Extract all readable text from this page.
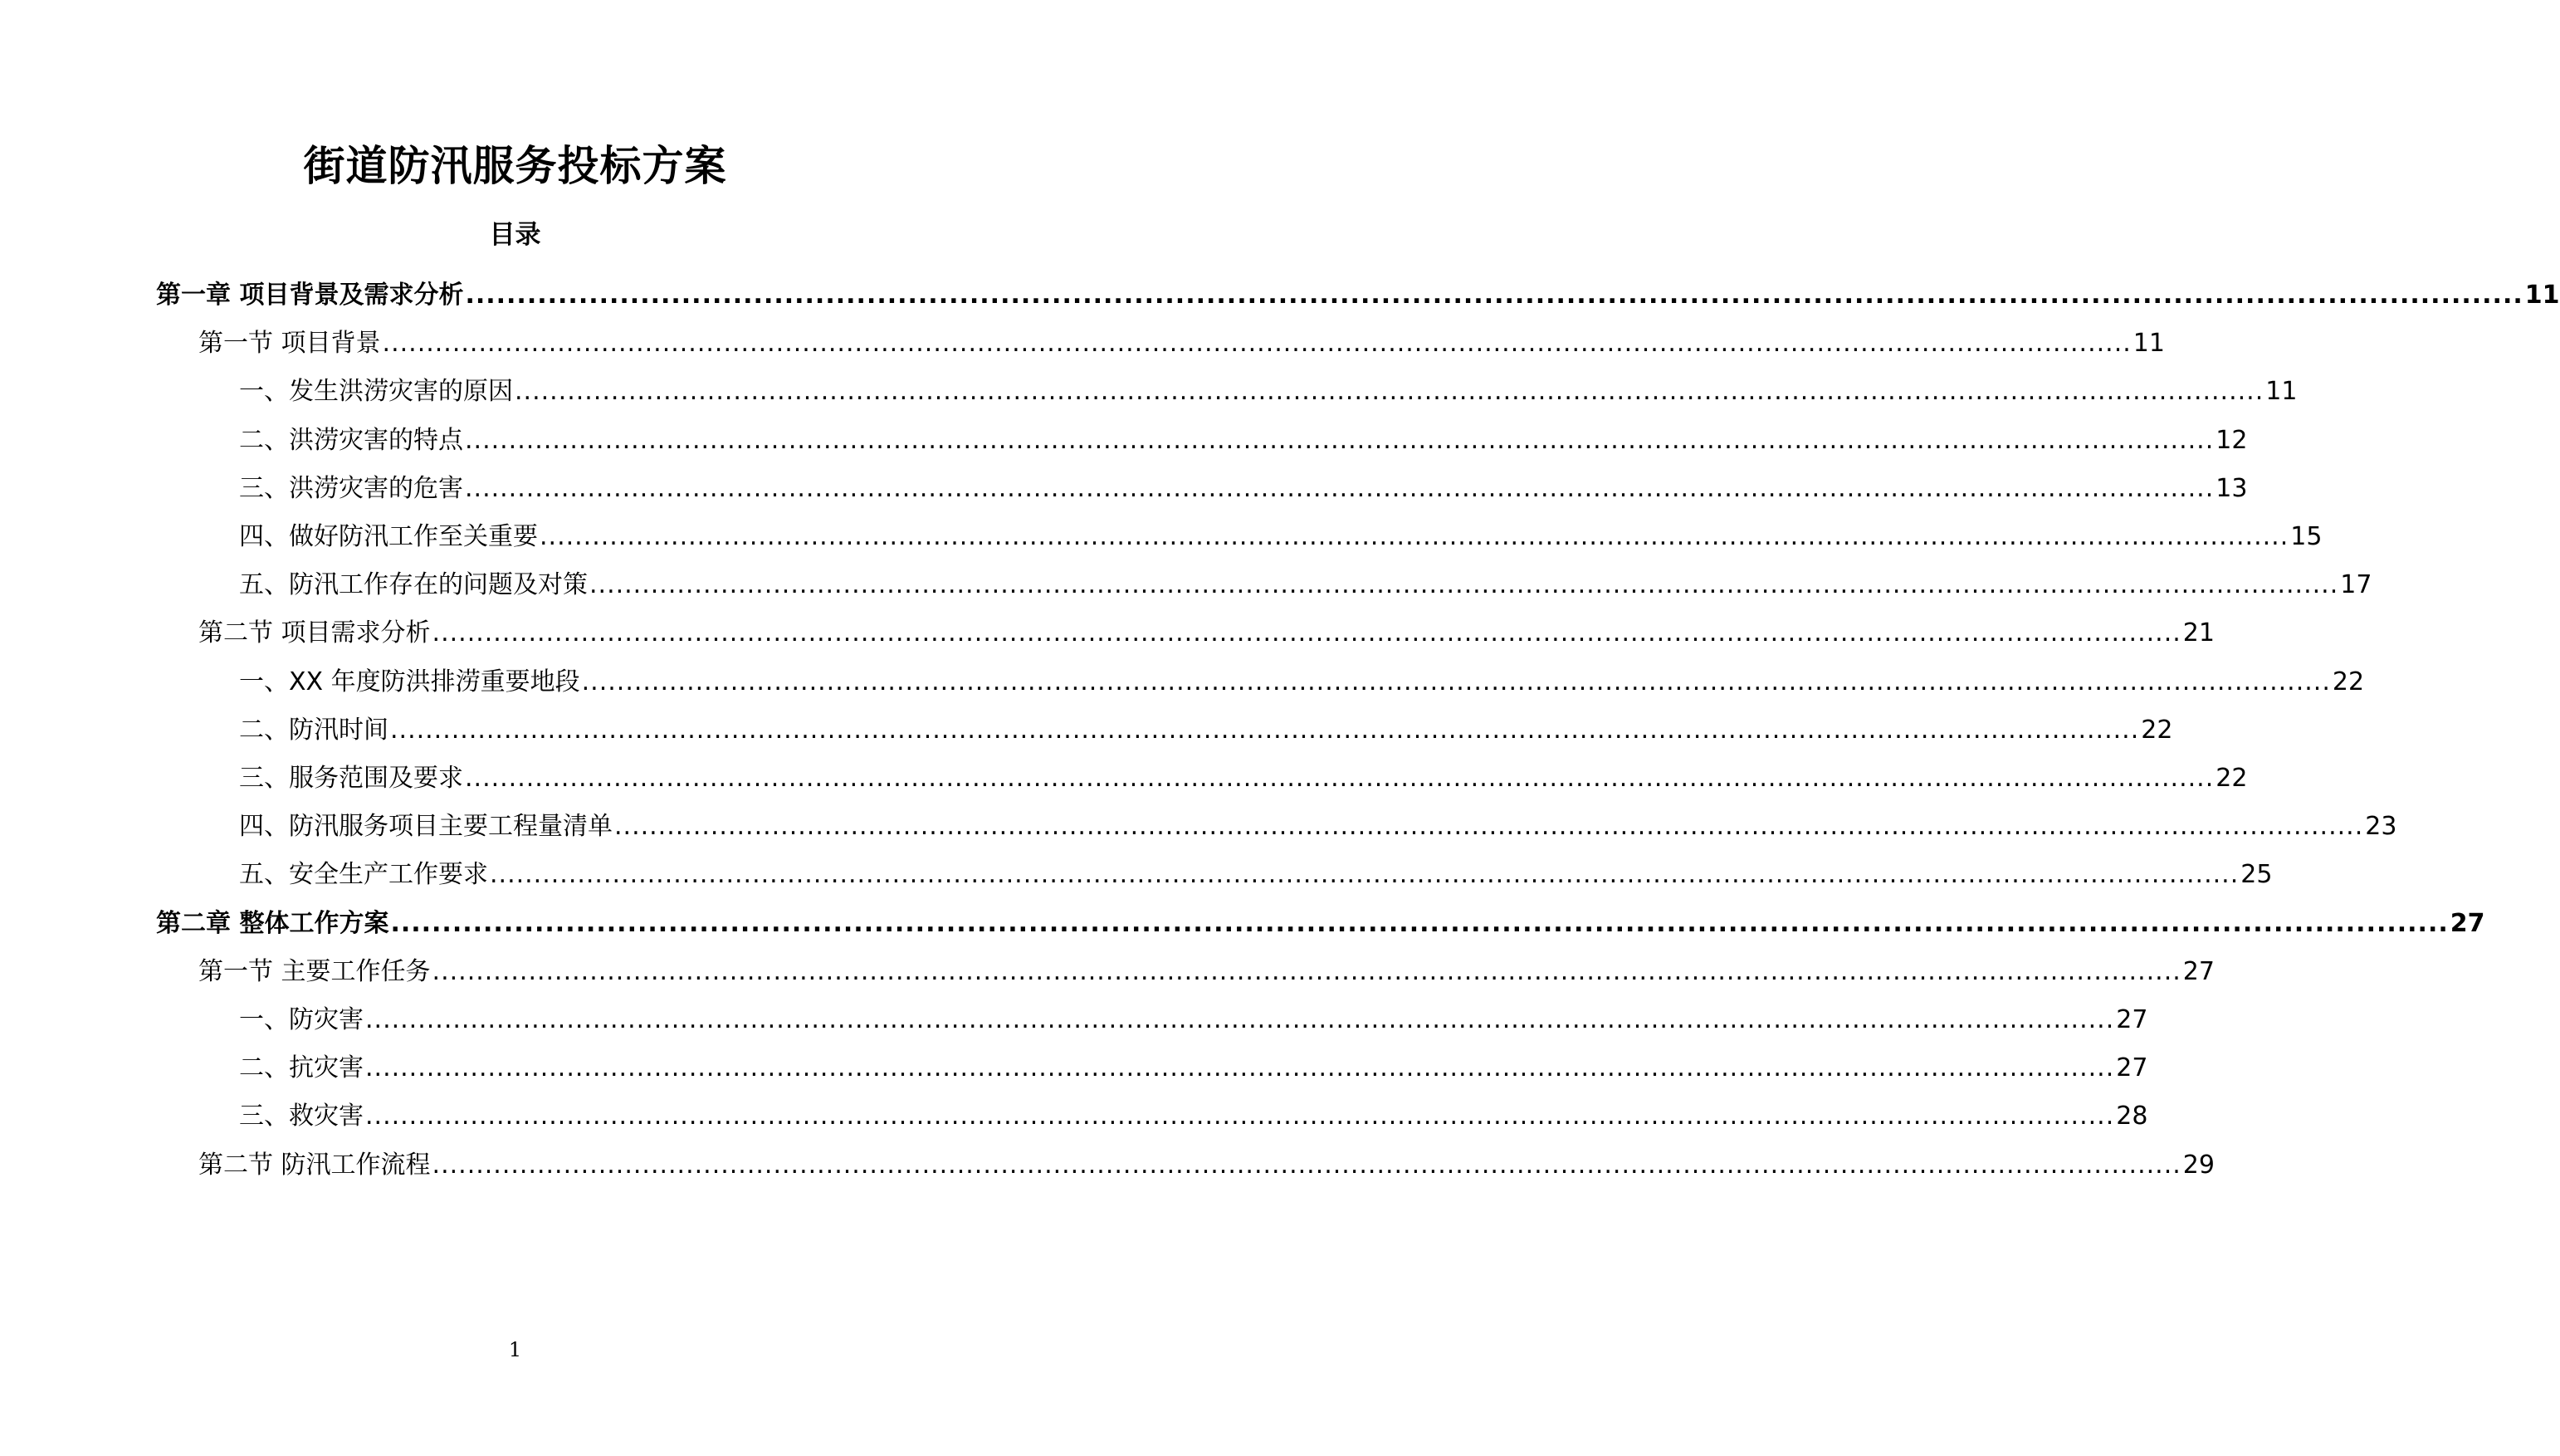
街道防汛服务投标方案
目录
第一章 项目背景及需求分析 ........................................................................................................................................................................................................ 11
第一节 项目背景 ........................................................................................................................................................................................................ 11
一、发生洪涝灾害的原因 ........................................................................................................................................................................................................ 11
二、洪涝灾害的特点 ........................................................................................................................................................................................................ 12
三、洪涝灾害的危害 ........................................................................................................................................................................................................ 13
四、做好防汛工作至关重要 ........................................................................................................................................................................................................ 15
五、防汛工作存在的问题及对策 ........................................................................................................................................................................................................ 17
第二节 项目需求分析 ........................................................................................................................................................................................................ 21
一、XX 年度防洪排涝重要地段 ........................................................................................................................................................................................................ 22
二、防汛时间 ........................................................................................................................................................................................................ 22
三、服务范围及要求 ........................................................................................................................................................................................................ 22
四、防汛服务项目主要工程量清单 ........................................................................................................................................................................................................ 23
五、安全生产工作要求 ........................................................................................................................................................................................................ 25
第二章 整体工作方案 ........................................................................................................................................................................................................ 27
第一节 主要工作任务 ........................................................................................................................................................................................................ 27
一、防灾害 ........................................................................................................................................................................................................ 27
二、抗灾害 ........................................................................................................................................................................................................ 27
三、救灾害 ........................................................................................................................................................................................................ 28
第二节 防汛工作流程 ........................................................................................................................................................................................................ 29
1
